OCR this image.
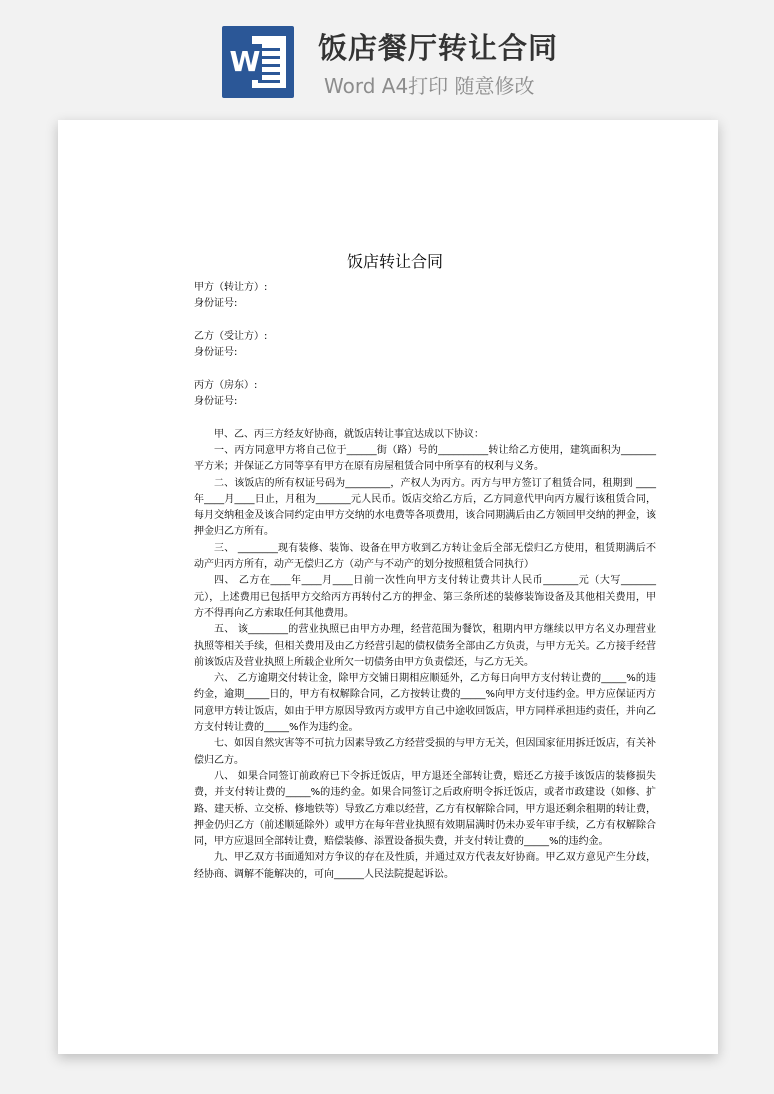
W 饭店餐厅转让合同
Word A4打印 随意修改
饭店转让合同

甲方（转让方）:

身份证号:

乙方（受让方）:

身份证号:

丙方（房东）:

身份证号:

甲、乙、丙三方经友好协商，就饭店转让事宜达成以下协议：

一、丙方同意甲方将自己位于______街（路）号的__________转让给乙方使用，建筑面积为_______平方米；并保证乙方同等享有甲方在原有房屋租赁合同中所享有的权利与义务。

二、该饭店的所有权证号码为_________，产权人为丙方。丙方与甲方签订了租赁合同，租期到 ____年____月____日止，月租为_______元人民币。饭店交给乙方后，乙方同意代甲向丙方履行该租赁合同，每月交纳租金及该合同约定由甲方交纳的水电费等各项费用，该合同期满后由乙方领回甲交纳的押金，该押金归乙方所有。

三、 ________现有装修、装饰、设备在甲方收到乙方转让金后全部无偿归乙方使用，租赁期满后不动产归丙方所有，动产无偿归乙方（动产与不动产的划分按照租赁合同执行）

四、 乙方在____年____月____日前一次性向甲方支付转让费共计人民币_______元（大写_______元），上述费用已包括甲方交给丙方再转付乙方的押金、第三条所述的装修装饰设备及其他相关费用，甲方不得再向乙方索取任何其他费用。

五、 该________的营业执照已由甲方办理，经营范围为餐饮，租期内甲方继续以甲方名义办理营业执照等相关手续，但相关费用及由乙方经营引起的债权债务全部由乙方负责，与甲方无关。乙方接手经营前该饭店及营业执照上所载企业所欠一切债务由甲方负责偿还，与乙方无关。

六、 乙方逾期交付转让金，除甲方交铺日期相应顺延外，乙方每日向甲方支付转让费的_____%的违约金，逾期_____日的，甲方有权解除合同，乙方按转让费的_____%向甲方支付违约金。甲方应保证丙方同意甲方转让饭店，如由于甲方原因导致丙方或甲方自己中途收回饭店，甲方同样承担违约责任，并向乙方支付转让费的_____%作为违约金。

七、如因自然灾害等不可抗力因素导致乙方经营受损的与甲方无关，但因国家征用拆迁饭店，有关补偿归乙方。

八、 如果合同签订前政府已下令拆迁饭店，甲方退还全部转让费，赔还乙方接手该饭店的装修损失费，并支付转让费的_____%的违约金。如果合同签订之后政府明令拆迁饭店，或者市政建设（如修、扩路、建天桥、立交桥、修地铁等）导致乙方难以经营，乙方有权解除合同，甲方退还剩余租期的转让费，押金仍归乙方（前述顺延除外）或甲方在每年营业执照有效期届满时仍未办妥年审手续，乙方有权解除合同，甲方应退回全部转让费，赔偿装修、添置设备损失费，并支付转让费的_____%的违约金。

九、甲乙双方书面通知对方争议的存在及性质，并通过双方代表友好协商。甲乙双方意见产生分歧，经协商、调解不能解决的，可向______人民法院提起诉讼。
